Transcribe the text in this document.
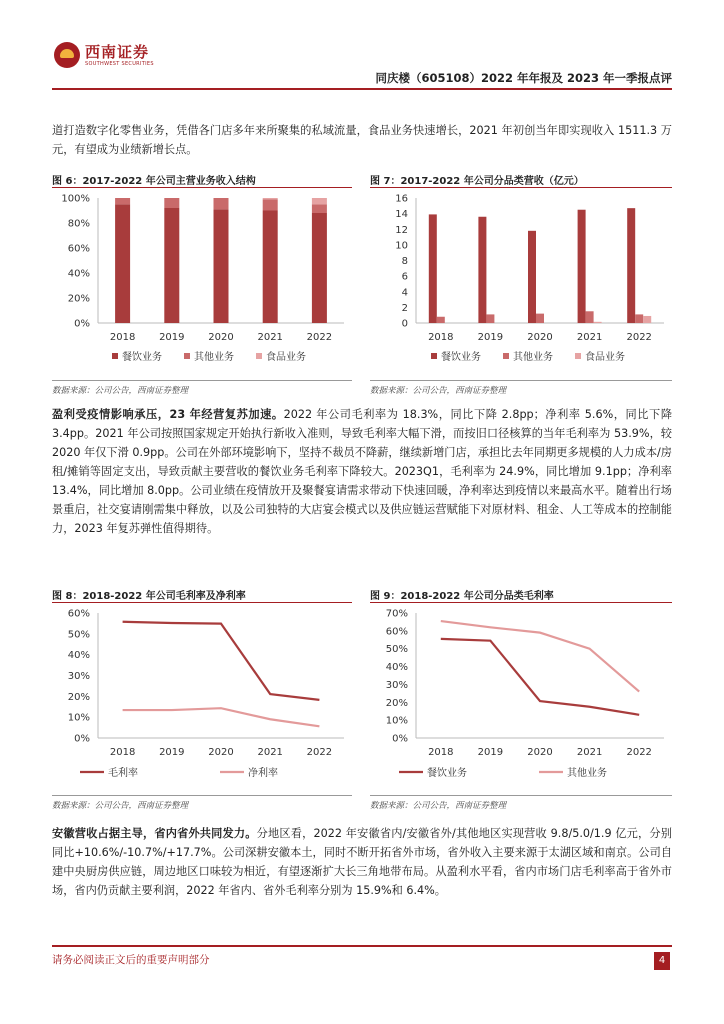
西南证券
SOUTHWEST SECURITIES
同庆楼（605108）2022 年年报及 2023 年一季报点评
道打造数字化零售业务，凭借各门店多年来所聚集的私域流量，食品业务快速增长，2021 年初创当年即实现收入 1511.3 万元，有望成为业绩新增长点。
图 6：2017-2022 年公司主营业务收入结构	图 7：2017-2022 年公司分品类营收（亿元）
0%
20%
40%
60%
80%
100%
2018 2019 2020 2021 2022
餐饮业务	其他业务	食品业务
0
2
4
6
8
10
12
14
16
2018 2019 2020 2021 2022
餐饮业务	其他业务	食品业务
数据来源：公司公告，西南证券整理	数据来源：公司公告，西南证券整理
盈利受疫情影响承压，23 年经营复苏加速。2022 年公司毛利率为 18.3%，同比下降 2.8pp；净利率 5.6%，同比下降 3.4pp。2021 年公司按照国家规定开始执行新收入准则，导致毛利率大幅下滑，而按旧口径核算的当年毛利率为 53.9%，较 2020 年仅下滑 0.9pp。公司在外部环境影响下，坚持不裁员不降薪，继续新增门店，承担比去年同期更多规模的人力成本/房租/摊销等固定支出，导致贡献主要营收的餐饮业务毛利率下降较大。2023Q1，毛利率为 24.9%，同比增加 9.1pp；净利率 13.4%，同比增加 8.0pp。公司业绩在疫情放开及聚餐宴请需求带动下快速回暖，净利率达到疫情以来最高水平。随着出行场景重启，社交宴请刚需集中释放，以及公司独特的大店宴会模式以及供应链运营赋能下对原材料、租金、人工等成本的控制能力，2023 年复苏弹性值得期待。
图 8：2018-2022 年公司毛利率及净利率	图 9：2018-2022 年公司分品类毛利率
0%
10%
20%
30%
40%
50%
60%
2018 2019 2020 2021 2022
毛利率	净利率
0%
10%
20%
30%
40%
50%
60%
70%
2018 2019 2020 2021 2022
餐饮业务	其他业务
数据来源：公司公告，西南证券整理	数据来源：公司公告，西南证券整理
安徽营收占据主导，省内省外共同发力。分地区看，2022 年安徽省内/安徽省外/其他地区实现营收 9.8/5.0/1.9 亿元，分别同比+10.6%/-10.7%/+17.7%。公司深耕安徽本土，同时不断开拓省外市场，省外收入主要来源于太湖区域和南京。公司自建中央厨房供应链，周边地区口味较为相近，有望逐渐扩大长三角地带布局。从盈利水平看，省内市场门店毛利率高于省外市场，省内仍贡献主要利润，2022 年省内、省外毛利率分别为 15.9%和 6.4%。
请务必阅读正文后的重要声明部分	4
